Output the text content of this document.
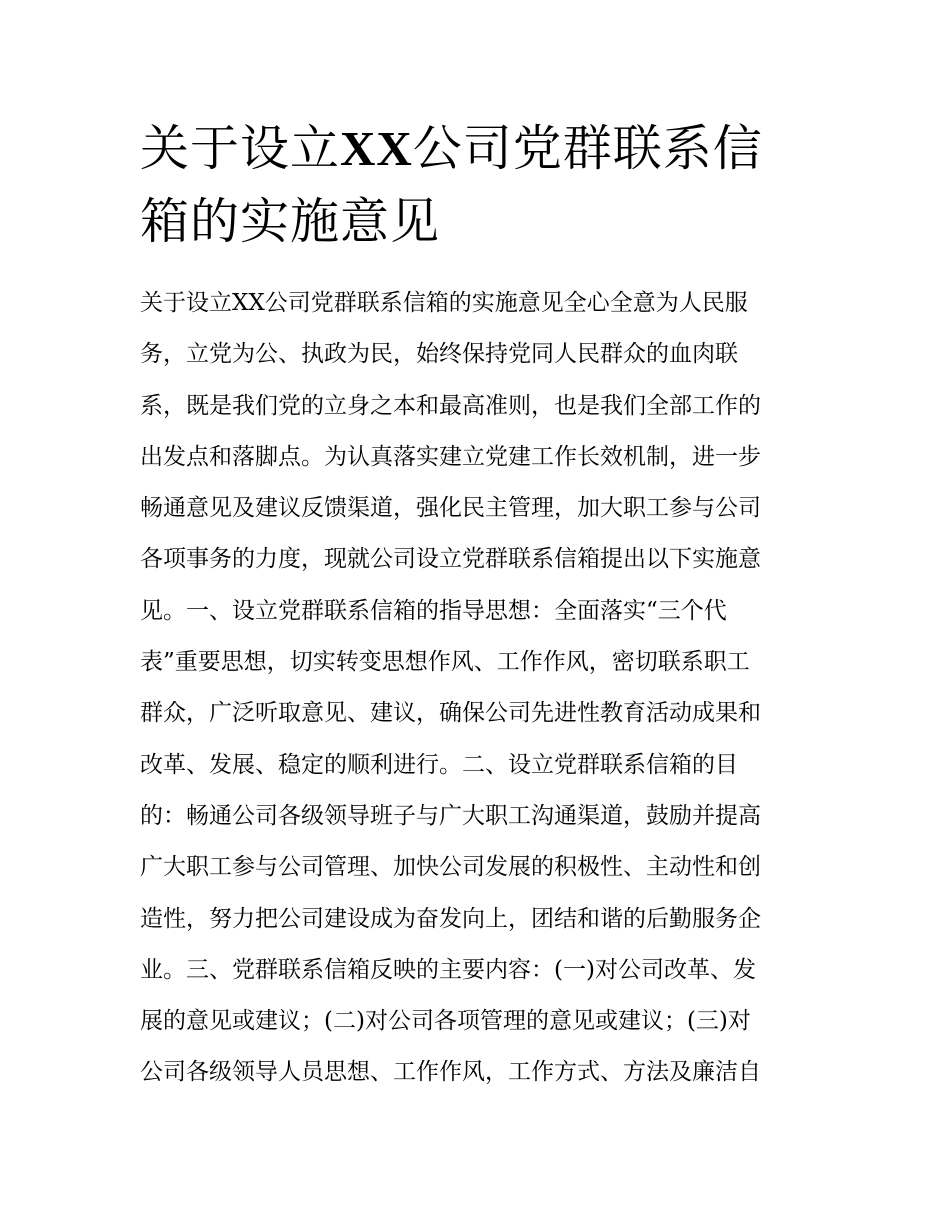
关于设立XX公司党群联系信
箱的实施意见
关于设立XX公司党群联系信箱的实施意见全心全意为人民服
务，立党为公、执政为民，始终保持党同人民群众的血肉联
系，既是我们党的立身之本和最高准则，也是我们全部工作的
出发点和落脚点。为认真落实建立党建工作长效机制，进一步
畅通意见及建议反馈渠道，强化民主管理，加大职工参与公司
各项事务的力度，现就公司设立党群联系信箱提出以下实施意
见。一、设立党群联系信箱的指导思想：全面落实“三个代
表”重要思想，切实转变思想作风、工作作风，密切联系职工
群众，广泛听取意见、建议，确保公司先进性教育活动成果和
改革、发展、稳定的顺利进行。二、设立党群联系信箱的目
的：畅通公司各级领导班子与广大职工沟通渠道，鼓励并提高
广大职工参与公司管理、加快公司发展的积极性、主动性和创
造性，努力把公司建设成为奋发向上，团结和谐的后勤服务企
业。三、党群联系信箱反映的主要内容：(一)对公司改革、发
展的意见或建议；(二)对公司各项管理的意见或建议；(三)对
公司各级领导人员思想、工作作风，工作方式、方法及廉洁自
